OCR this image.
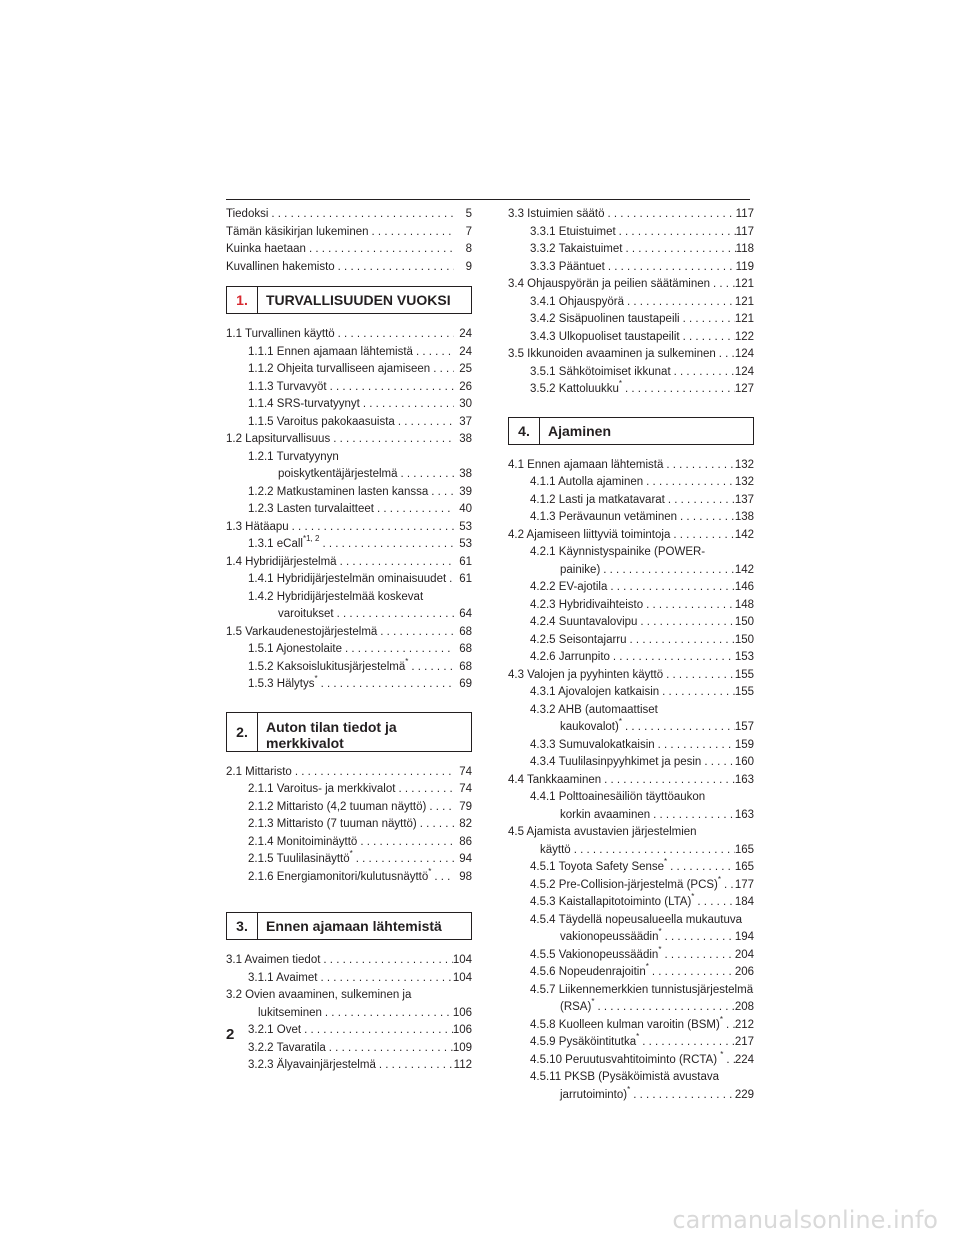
Tiedoksi . . .	5
Tämän käsikirjan lukeminen . . .	7
Kuinka haetaan . . .	8
Kuvallinen hakemisto . . .	9
1.	TURVALLISUUDEN VUOKSI
1.1 Turvallinen käyttö . . .	24
1.1.1 Ennen ajamaan lähtemistä . . .	24
1.1.2 Ohjeita turvalliseen ajamiseen . . .	25
1.1.3 Turvavyöt . . .	26
1.1.4 SRS-turvatyynyt . . .	30
1.1.5 Varoitus pakokaasuista . . .	37
1.2 Lapsiturvallisuus . . .	38
1.2.1 Turvatyynyn
poiskytkentäjärjestelmä . . .	38
1.2.2 Matkustaminen lasten kanssa . . .	39
1.2.3 Lasten turvalaitteet . . .	40
1.3 Hätäapu . . .	53
1.3.1 eCall$^{*1, 2}$ . . .	53
1.4 Hybridijärjestelmä . . .	61
1.4.1 Hybridijärjestelmän ominaisuudet . . .	61
1.4.2 Hybridijärjestelmää koskevat
varoitukset . . .	64
1.5 Varkaudenestojärjestelmä . . .	68
1.5.1 Ajonestolaite . . .	68
1.5.2 Kaksoislukitusjärjestelmä* . . .	68
1.5.3 Hälytys* . . .	69
2.	Auton tilan tiedot ja
merkkivalot
2.1 Mittaristo . . .	74
2.1.1 Varoitus- ja merkkivalot . . .	74
2.1.2 Mittaristo (4,2 tuuman näyttö) . . .	79
2.1.3 Mittaristo (7 tuuman näyttö) . . .	82
2.1.4 Monitoiminäyttö . . .	86
2.1.5 Tuulilasinäyttö* . . .	94
2.1.6 Energiamonitori/kulutusnäyttö* . . .	98
3.	Ennen ajamaan lähtemistä
3.1 Avaimen tiedot . . .	104
3.1.1 Avaimet . . .	104
3.2 Ovien avaaminen, sulkeminen ja
lukitseminen . . .	106
3.2.1 Ovet . . .	106
3.2.2 Tavaratila . . .	109
3.2.3 Älyavainjärjestelmä . . .	112
3.3 Istuimien säätö . . .	117
3.3.1 Etuistuimet . . .	117
3.3.2 Takaistuimet . . .	118
3.3.3 Pääntuet . . .	119
3.4 Ohjauspyörän ja peilien säätäminen . . . 121
3.4.1 Ohjauspyörä . . .	121
3.4.2 Sisäpuolinen taustapeili . . .	121
3.4.3 Ulkopuoliset taustapeilit . . .	122
3.5 Ikkunoiden avaaminen ja sulkeminen . . . 124
3.5.1 Sähkötoimiset ikkunat . . .	124
3.5.2 Kattoluukku* . . .	127
4.	Ajaminen
4.1 Ennen ajamaan lähtemistä . . .	132
4.1.1 Autolla ajaminen . . .	132
4.1.2 Lasti ja matkatavarat . . .	137
4.1.3 Perävaunun vetäminen . . .	138
4.2 Ajamiseen liittyviä toimintoja . . .	142
4.2.1 Käynnistyspainike (POWER-
painike) . . .	142
4.2.2 EV-ajotila . . .	146
4.2.3 Hybridivaihteisto . . .	148
4.2.4 Suuntavalovipu . . .	150
4.2.5 Seisontajarru . . .	150
4.2.6 Jarrunpito . . .	153
4.3 Valojen ja pyyhinten käyttö . . .	155
4.3.1 Ajovalojen katkaisin . . .	155
4.3.2 AHB (automaattiset
kaukovalot)* . . .	157
4.3.3 Sumuvalokatkaisin . . .	159
4.3.4 Tuulilasinpyyhkimet ja pesin . . .	160
4.4 Tankkaaminen . . .	163
4.4.1 Polttoainesäiliön täyttöaukon
korkin avaaminen . . .	163
4.5 Ajamista avustavien järjestelmien
käyttö . . .	165
4.5.1 Toyota Safety Sense* . . .	165
4.5.2 Pre-Collision-järjestelmä (PCS)* . . . 177
4.5.3 Kaistallapitotoiminto (LTA)* . . .	184
4.5.4 Täydellä nopeusalueella mukautuva
vakionopeussäädin* . . .	194
4.5.5 Vakionopeussäädin* . . .	204
4.5.6 Nopeudenrajoitin* . . .	206
4.5.7 Liikennemerkkien tunnistusjärjestelmä
(RSA)* . . .	208
4.5.8 Kuolleen kulman varoitin (BSM)* . . . 212
4.5.9 Pysäköintitutka* . . .	217
4.5.10 Peruutusvahtitoiminto (RCTA) * . . . 224
4.5.11 PKSB (Pysäköimistä avustava
jarrutoiminto)* . . .	229
2
carmanualsonline.info
